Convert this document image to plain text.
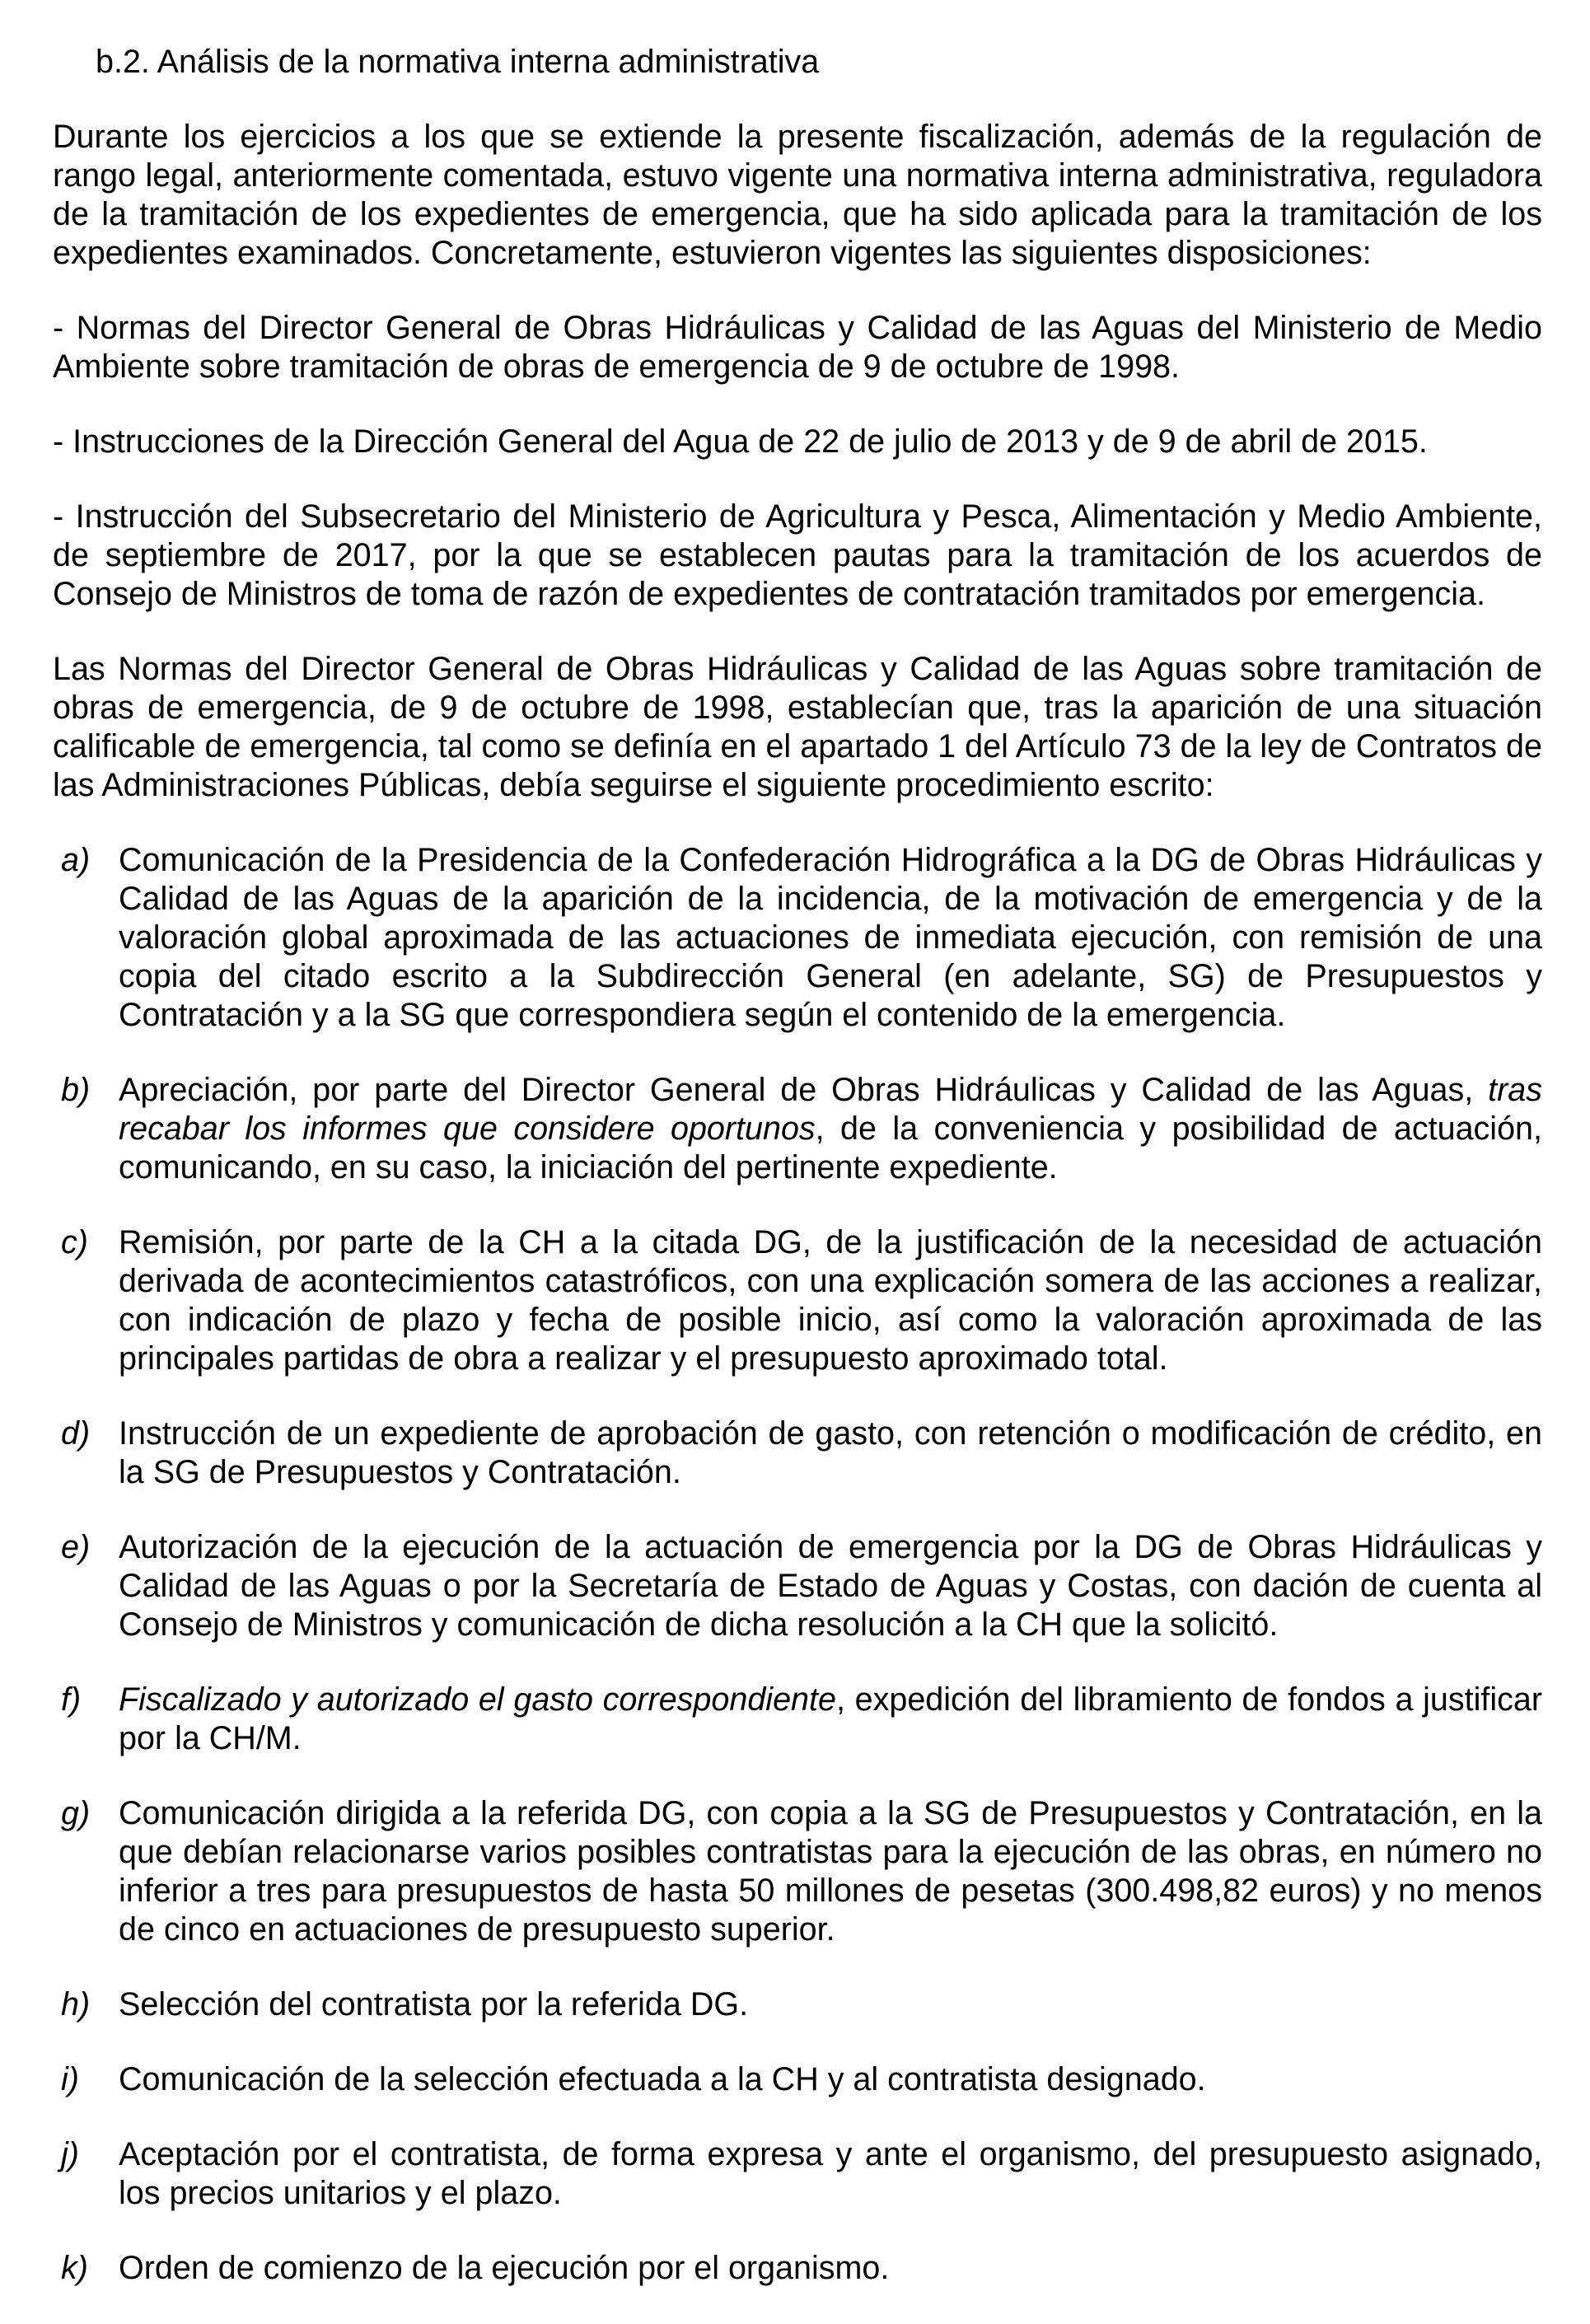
b.2. Análisis de la normativa interna administrativa

Durante los ejercicios a los que se extiende la presente fiscalización, además de la regulación de rango legal, anteriormente comentada, estuvo vigente una normativa interna administrativa, reguladora de la tramitación de los expedientes de emergencia, que ha sido aplicada para la tramitación de los expedientes examinados. Concretamente, estuvieron vigentes las siguientes disposiciones:

- Normas del Director General de Obras Hidráulicas y Calidad de las Aguas del Ministerio de Medio Ambiente sobre tramitación de obras de emergencia de 9 de octubre de 1998.

- Instrucciones de la Dirección General del Agua de 22 de julio de 2013 y de 9 de abril de 2015.

- Instrucción del Subsecretario del Ministerio de Agricultura y Pesca, Alimentación y Medio Ambiente, de septiembre de 2017, por la que se establecen pautas para la tramitación de los acuerdos de Consejo de Ministros de toma de razón de expedientes de contratación tramitados por emergencia.

Las Normas del Director General de Obras Hidráulicas y Calidad de las Aguas sobre tramitación de obras de emergencia, de 9 de octubre de 1998, establecían que, tras la aparición de una situación calificable de emergencia, tal como se definía en el apartado 1 del Artículo 73 de la ley de Contratos de las Administraciones Públicas, debía seguirse el siguiente procedimiento escrito:

a) Comunicación de la Presidencia de la Confederación Hidrográfica a la DG de Obras Hidráulicas y Calidad de las Aguas de la aparición de la incidencia, de la motivación de emergencia y de la valoración global aproximada de las actuaciones de inmediata ejecución, con remisión de una copia del citado escrito a la Subdirección General (en adelante, SG) de Presupuestos y Contratación y a la SG que correspondiera según el contenido de la emergencia.
b) Apreciación, por parte del Director General de Obras Hidráulicas y Calidad de las Aguas, tras recabar los informes que considere oportunos, de la conveniencia y posibilidad de actuación, comunicando, en su caso, la iniciación del pertinente expediente.
c) Remisión, por parte de la CH a la citada DG, de la justificación de la necesidad de actuación derivada de acontecimientos catastróficos, con una explicación somera de las acciones a realizar, con indicación de plazo y fecha de posible inicio, así como la valoración aproximada de las principales partidas de obra a realizar y el presupuesto aproximado total.
d) Instrucción de un expediente de aprobación de gasto, con retención o modificación de crédito, en la SG de Presupuestos y Contratación.
e) Autorización de la ejecución de la actuación de emergencia por la DG de Obras Hidráulicas y Calidad de las Aguas o por la Secretaría de Estado de Aguas y Costas, con dación de cuenta al Consejo de Ministros y comunicación de dicha resolución a la CH que la solicitó.
f) Fiscalizado y autorizado el gasto correspondiente, expedición del libramiento de fondos a justificar por la CH/M.
g) Comunicación dirigida a la referida DG, con copia a la SG de Presupuestos y Contratación, en la que debían relacionarse varios posibles contratistas para la ejecución de las obras, en número no inferior a tres para presupuestos de hasta 50 millones de pesetas (300.498,82 euros) y no menos de cinco en actuaciones de presupuesto superior.
h) Selección del contratista por la referida DG.
i) Comunicación de la selección efectuada a la CH y al contratista designado.
j) Aceptación por el contratista, de forma expresa y ante el organismo, del presupuesto asignado, los precios unitarios y el plazo.
k) Orden de comienzo de la ejecución por el organismo.
